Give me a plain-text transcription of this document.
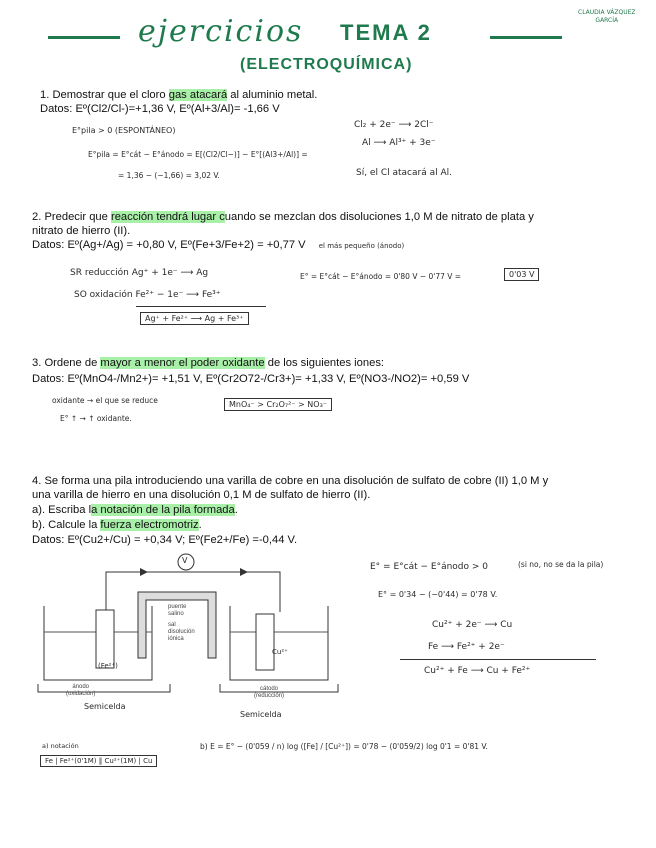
CLAUDIA VÁZQUEZ
GARCÍA
ejercicios TEMA 2
(ELECTROQUÍMICA)
1. Demostrar que el cloro gas atacará al aluminio metal.
Datos: Eº(Cl2/Cl-)=+1,36 V, Eº(Al+3/Al)= -1,66 V
E°pila > 0 (ESPONTÁNEO)
E°pila = E°cát − E°ánodo = E[(Cl2/Cl−)] − E°[(Al3+/Al)] =
= 1,36 − (−1,66) = 3,02 V.
Cl₂ + 2e⁻ ⟶ 2Cl⁻
Al ⟶ Al³⁺ + 3e⁻
Sí, el Cl atacará al Al.
2. Predecir que reacción tendrá lugar cuando se mezclan dos disoluciones 1,0 M de nitrato de plata y
nitrato de hierro (II).
Datos: Eº(Ag+/Ag) = +0,80 V, Eº(Fe+3/Fe+2) = +0,77 V el más pequeño (ánodo)
SR reducción Ag⁺ + 1e⁻ ⟶ Ag
SO oxidación Fe²⁺ − 1e⁻ ⟶ Fe³⁺
Ag⁺ + Fe²⁺ ⟶ Ag + Fe³⁺
E° = E°cát − E°ánodo = 0'80 V − 0'77 V =	0'03 V
3. Ordene de mayor a menor el poder oxidante de los siguientes iones:
Datos: Eº(MnO4-/Mn2+)= +1,51 V, Eº(Cr2O72-/Cr3+)= +1,33 V, Eº(NO3-/NO2)= +0,59 V
oxidante → el que se reduce
E° ↑ → ↑ oxidante.
MnO₄⁻ > Cr₂O₇²⁻ > NO₃⁻
4. Se forma una pila introduciendo una varilla de cobre en una disolución de sulfato de cobre (II) 1,0 M y
una varilla de hierro en una disolución 0,1 M de sulfato de hierro (II).
a). Escriba la notación de la pila formada.
b). Calcule la fuerza electromotriz.
Datos: Eº(Cu2+/Cu) = +0,34 V; Eº(Fe2+/Fe) =-0,44 V.
V
(Fe²⁺)
Cu²⁺
puente
salino
sal
disolución
iónica
ánodo
(oxidación)
cátodo
(reducción)
Semicelda
Semicelda
E° = E°cát − E°ánodo > 0	(si no, no se da la pila)
E° = 0'34 − (−0'44) = 0'78 V.
Cu²⁺ + 2e⁻ ⟶ Cu
Fe ⟶ Fe²⁺ + 2e⁻
Cu²⁺ + Fe ⟶ Cu + Fe²⁺
a) notación
Fe | Fe²⁺(0'1M) ‖ Cu²⁺(1M) | Cu
b) E = E° − (0'059 / n) log ([Fe] / [Cu²⁺]) = 0'78 − (0'059/2) log 0'1 = 0'81 V.
